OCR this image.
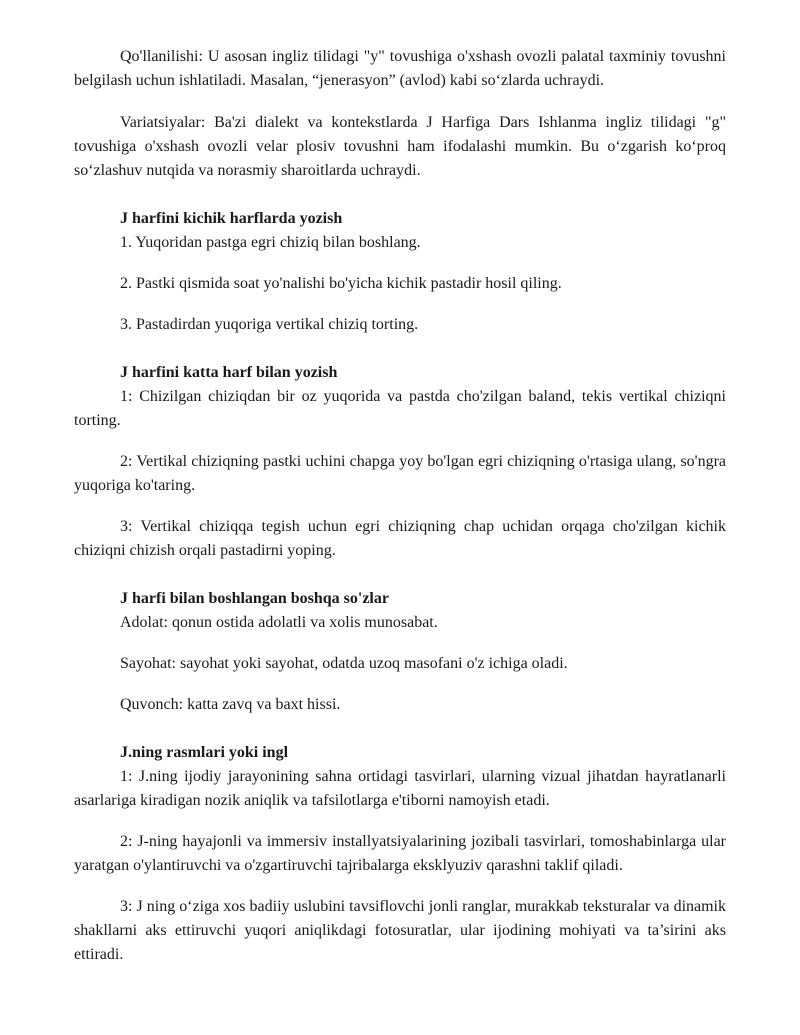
Qo'llanilishi: U asosan ingliz tilidagi "y" tovushiga o'xshash ovozli palatal taxminiy tovushni belgilash uchun ishlatiladi. Masalan, “jenerasyon” (avlod) kabi so‘zlarda uchraydi.

Variatsiyalar: Ba'zi dialekt va kontekstlarda J Harfiga Dars Ishlanma ingliz tilidagi "g" tovushiga o'xshash ovozli velar plosiv tovushni ham ifodalashi mumkin. Bu o‘zgarish ko‘proq so‘zlashuv nutqida va norasmiy sharoitlarda uchraydi.

J harfini kichik harflarda yozish

1. Yuqoridan pastga egri chiziq bilan boshlang.

2. Pastki qismida soat yo'nalishi bo'yicha kichik pastadir hosil qiling.

3. Pastadirdan yuqoriga vertikal chiziq torting.

J harfini katta harf bilan yozish

1: Chizilgan chiziqdan bir oz yuqorida va pastda cho'zilgan baland, tekis vertikal chiziqni torting.

2: Vertikal chiziqning pastki uchini chapga yoy bo'lgan egri chiziqning o'rtasiga ulang, so'ngra yuqoriga ko'taring.

3: Vertikal chiziqqa tegish uchun egri chiziqning chap uchidan orqaga cho'zilgan kichik chiziqni chizish orqali pastadirni yoping.

J harfi bilan boshlangan boshqa so'zlar

Adolat: qonun ostida adolatli va xolis munosabat.

Sayohat: sayohat yoki sayohat, odatda uzoq masofani o'z ichiga oladi.

Quvonch: katta zavq va baxt hissi.

J.ning rasmlari yoki ingl

1: J.ning ijodiy jarayonining sahna ortidagi tasvirlari, ularning vizual jihatdan hayratlanarli asarlariga kiradigan nozik aniqlik va tafsilotlarga e'tiborni namoyish etadi.

2: J-ning hayajonli va immersiv installyatsiyalarining jozibali tasvirlari, tomoshabinlarga ular yaratgan o'ylantiruvchi va o'zgartiruvchi tajribalarga eksklyuziv qarashni taklif qiladi.

3: J ning o‘ziga xos badiiy uslubini tavsiflovchi jonli ranglar, murakkab teksturalar va dinamik shakllarni aks ettiruvchi yuqori aniqlikdagi fotosuratlar, ular ijodining mohiyati va ta’sirini aks ettiradi.
